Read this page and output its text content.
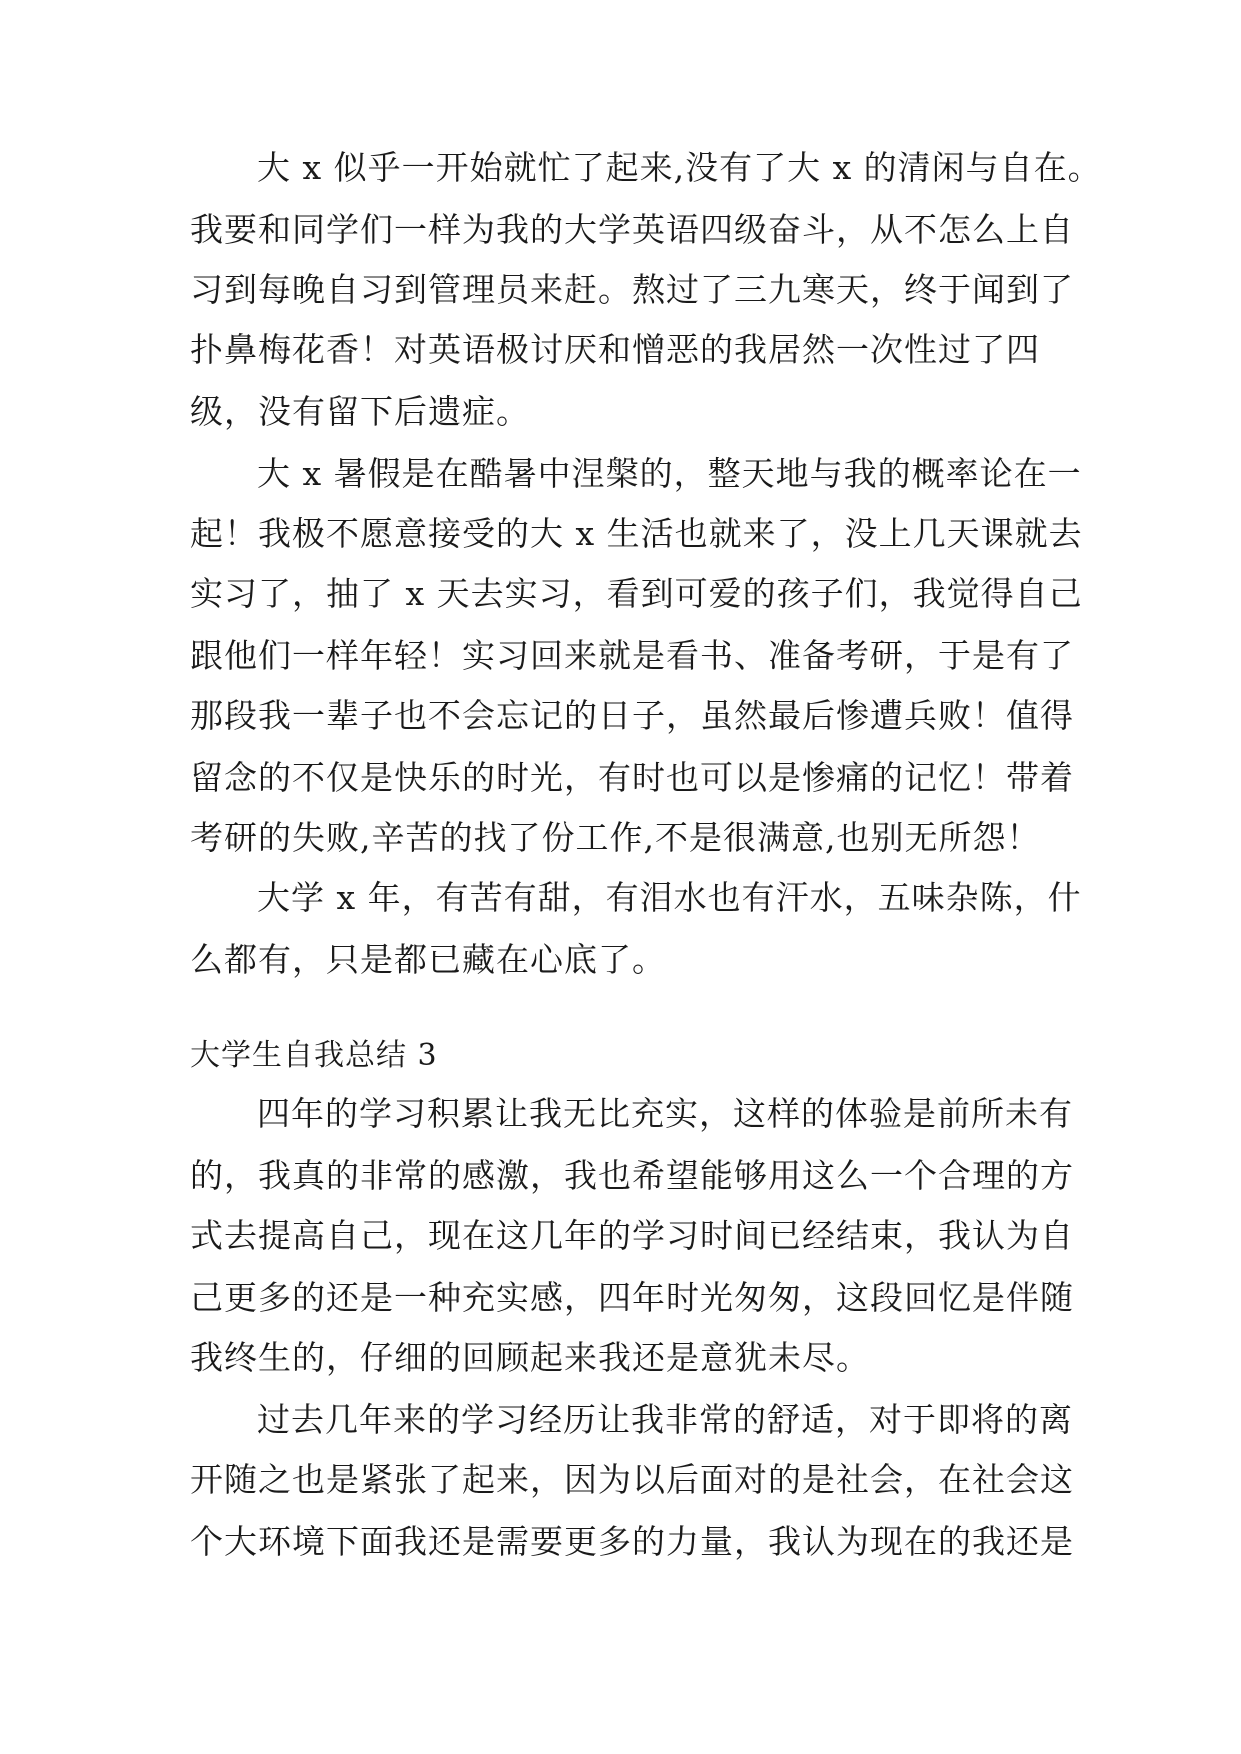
大 x 似乎一开始就忙了起来,没有了大 x 的清闲与自在。
我要和同学们一样为我的大学英语四级奋斗，从不怎么上自
习到每晚自习到管理员来赶。熬过了三九寒天，终于闻到了
扑鼻梅花香！对英语极讨厌和憎恶的我居然一次性过了四
级，没有留下后遗症。
大 x 暑假是在酷暑中涅槃的，整天地与我的概率论在一
起！我极不愿意接受的大 x 生活也就来了，没上几天课就去
实习了，抽了 x 天去实习，看到可爱的孩子们，我觉得自己
跟他们一样年轻！实习回来就是看书、准备考研，于是有了
那段我一辈子也不会忘记的日子，虽然最后惨遭兵败！值得
留念的不仅是快乐的时光，有时也可以是惨痛的记忆！带着
考研的失败,辛苦的找了份工作,不是很满意,也别无所怨！
大学 x 年，有苦有甜，有泪水也有汗水，五味杂陈，什
么都有，只是都已藏在心底了。
大学生自我总结 3
四年的学习积累让我无比充实，这样的体验是前所未有
的，我真的非常的感激，我也希望能够用这么一个合理的方
式去提高自己，现在这几年的学习时间已经结束，我认为自
己更多的还是一种充实感，四年时光匆匆，这段回忆是伴随
我终生的，仔细的回顾起来我还是意犹未尽。
过去几年来的学习经历让我非常的舒适，对于即将的离
开随之也是紧张了起来，因为以后面对的是社会，在社会这
个大环境下面我还是需要更多的力量，我认为现在的我还是
